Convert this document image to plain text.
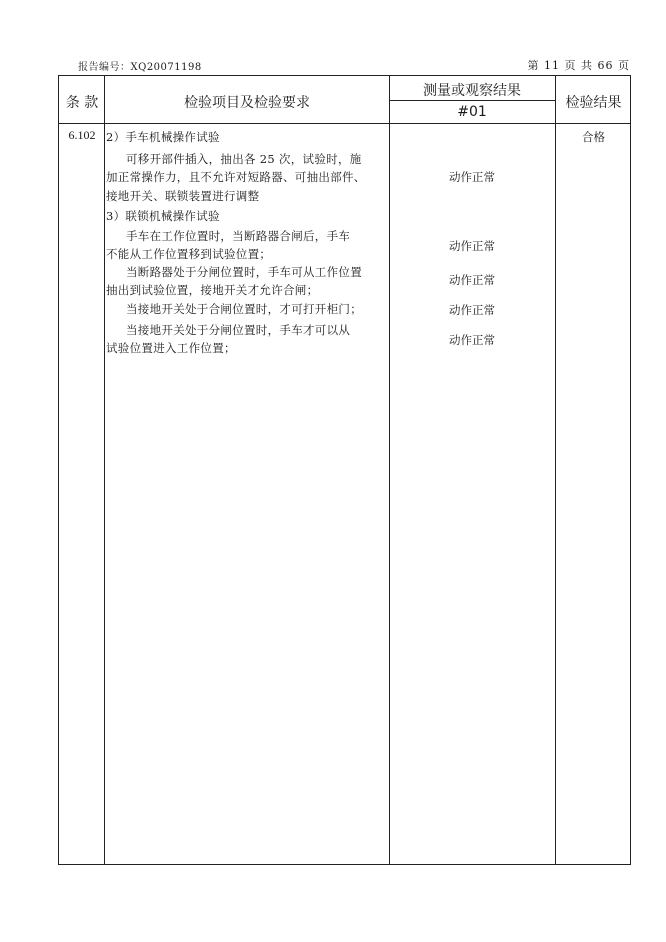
报告编号：XQ20071198	第 11 页 共 66 页
条 款	检验项目及检验要求
测量或观察结果
#01
检验结果
6.102 2）手车机械操作试验
可移开部件插入，抽出各 25 次，试验时，施
加正常操作力，且不允许对短路器、可抽出部件、
接地开关、联锁装置进行调整
3）联锁机械操作试验
手车在工作位置时，当断路器合闸后，手车
不能从工作位置移到试验位置；
当断路器处于分闸位置时，手车可从工作位置
抽出到试验位置，接地开关才允许合闸；
当接地开关处于合闸位置时，才可打开柜门；
当接地开关处于分闸位置时，手车才可以从
试验位置进入工作位置；
动作正常
动作正常
动作正常
动作正常
动作正常
合格
